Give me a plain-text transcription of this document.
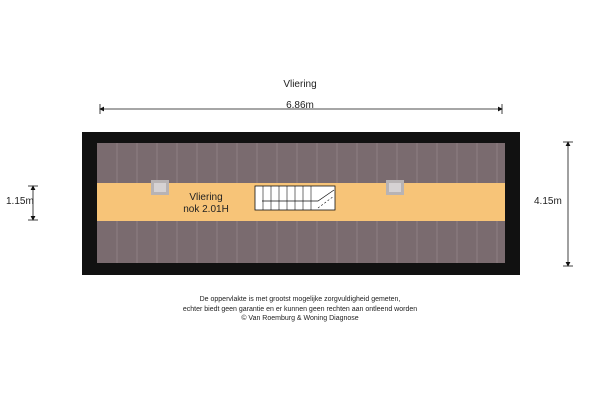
Vliering
6.86m
1.15m	4.15m
Vliering
nok 2.01H
De oppervlakte is met grootst mogelijke zorgvuldigheid gemeten,
echter biedt geen garantie en er kunnen geen rechten aan ontleend worden
© Van Roemburg & Woning Diagnose
